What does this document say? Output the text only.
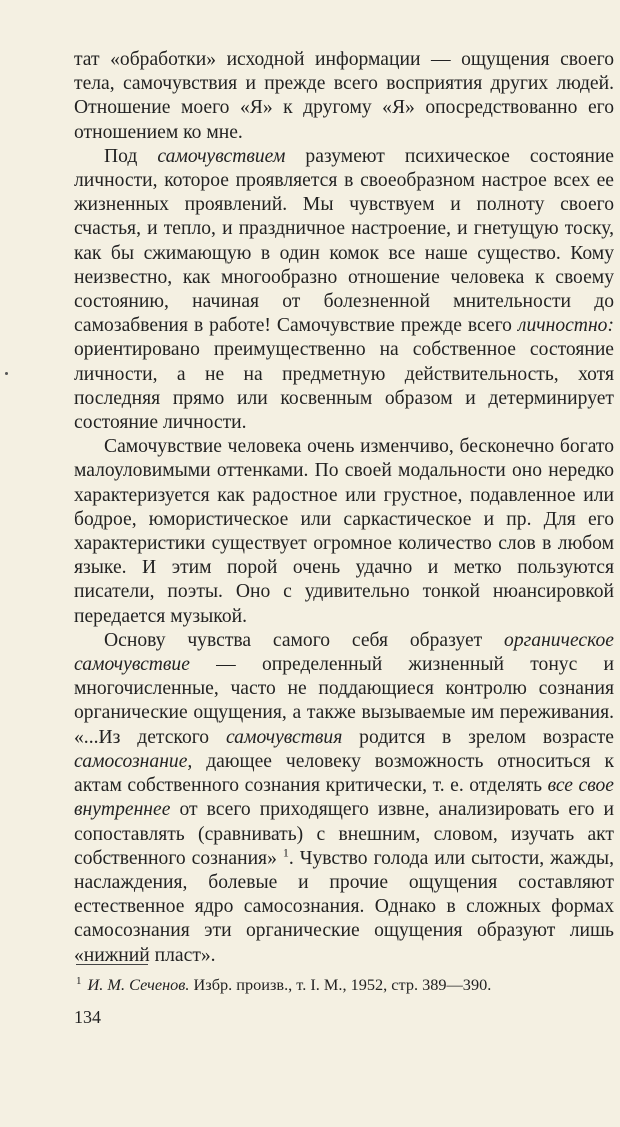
тат «обработки» исходной информации — ощущения своего тела, самочувствия и прежде всего восприятия других людей. Отношение моего «Я» к другому «Я» опосредствованно его отношением ко мне.

Под самочувствием разумеют психическое состояние личности, которое проявляется в своеобразном настрое всех ее жизненных проявлений. Мы чувствуем и полноту своего счастья, и тепло, и праздничное настроение, и гнетущую тоску, как бы сжимающую в один комок все наше существо. Кому неизвестно, как многообразно отношение человека к своему состоянию, начиная от болезненной мнительности до самозабвения в работе! Самочувствие прежде всего личностно: ориентировано преимущественно на собственное состояние личности, а не на предметную действительность, хотя последняя прямо или косвенным образом и детерминирует состояние личности.

Самочувствие человека очень изменчиво, бесконечно богато малоуловимыми оттенками. По своей модальности оно нередко характеризуется как радостное или грустное, подавленное или бодрое, юмористическое или саркастическое и пр. Для его характеристики существует огромное количество слов в любом языке. И этим порой очень удачно и метко пользуются писатели, поэты. Оно с удивительно тонкой нюансировкой передается музыкой.

Основу чувства самого себя образует органическое самочувствие — определенный жизненный тонус и многочисленные, часто не поддающиеся контролю сознания органические ощущения, а также вызываемые им переживания. «...Из детского самочувствия родится в зрелом возрасте самосознание, дающее человеку возможность относиться к актам собственного сознания критически, т. е. отделять все свое внутреннее от всего приходящего извне, анализировать его и сопоставлять (сравнивать) с внешним, словом, изучать акт собственного сознания» $^1$. Чувство голода или сытости, жажды, наслаждения, болевые и прочие ощущения составляют естественное ядро самосознания. Однако в сложных формах самосознания эти органические ощущения образуют лишь «нижний пласт».

$^1$ И. М. Сеченов. Избр. произв., т. I. М., 1952, стр. 389—390.
134
